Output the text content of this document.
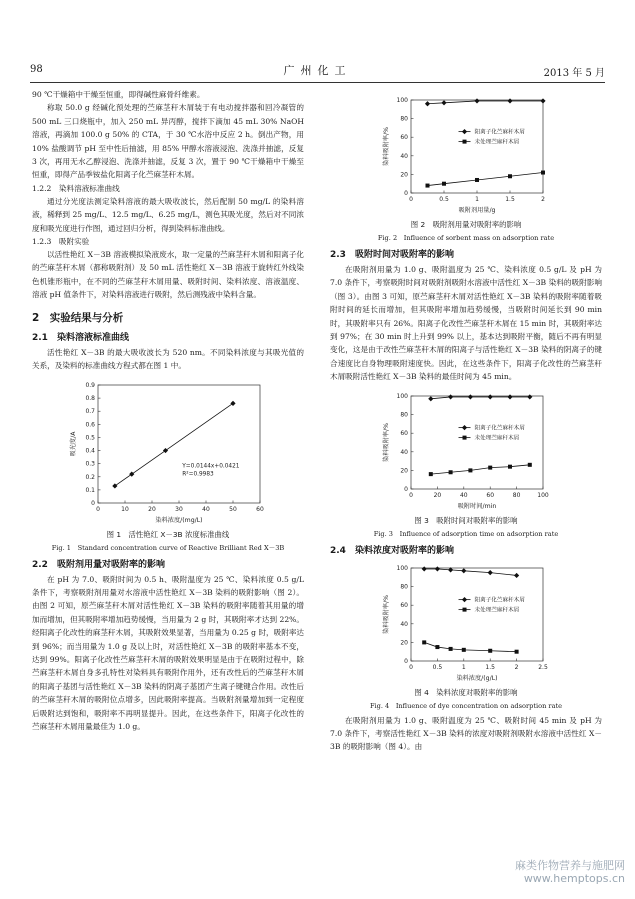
98	广州化工	2013 年 5 月

90 ℃干燥箱中干燥至恒重，即得碱性麻骨纤维素。

称取 50.0 g 经碱化预处理的苎麻茎秆木屑装于有电动搅拌器和回冷凝管的 500 mL 三口烧瓶中，加入 250 mL 异丙醇，搅拌下滴加 45 mL 30% NaOH 溶液，再滴加 100.0 g 50% 的 CTA，于 30 ℃水浴中反应 2 h。倒出产物，用 10% 盐酸调节 pH 至中性后抽滤，用 85% 甲醇水溶液浸泡、洗涤并抽滤，反复 3 次，再用无水乙醇浸泡、洗涤并抽滤，反复 3 次，置于 90 ℃干燥箱中干燥至恒重，即得产品季铵盐化阳离子化苎麻茎秆木屑。

1.2.2　染料溶液标准曲线

通过分光度法测定染料溶液的最大吸收波长，然后配制 50 mg/L 的染料溶液，稀释到 25 mg/L、12.5 mg/L、6.25 mg/L，测色其吸光度，然后对不同浓度和吸光度进行作图，通过回归分析，得到染料标准曲线。

1.2.3　吸附实验

以活性艳红 X－3B 溶液模拟染液废水，取一定量的苎麻茎秆木屑和阳离子化的苎麻茎秆木屑（都称吸附剂）及 50 mL 活性艳红 X－3B 溶液于旋转红外线染色机锥形瓶中，在不同的苎麻茎秆木屑用量、吸附时间、染料浓度、溶液温度、溶液 pH 值条件下，对染料溶液进行吸附，然后测残液中染料含量。

2　实验结果与分析
2.1　染料溶液标准曲线

活性艳红 X－3B 的最大吸收波长为 520 nm。不同染料浓度与其吸光值的关系，及染料的标准曲线方程式都在图 1 中。

0	10	20	30	40	50	60
0
0.1
0.2
0.3
0.4
0.5
0.6
0.7
0.8
0.9
染料浓度/(mg/L)
吸光度/A
Y=0.0144x+0.0421
R²=0.9983
图 1　活性艳红 X－3B 浓度标准曲线
Fig. 1　Standard concentration curve of Reactive Brilliant Red X－3B
2.2　吸附剂用量对吸附率的影响

在 pH 为 7.0、吸附时间为 0.5 h、吸附温度为 25 ℃、染料浓度 0.5 g/L 条件下，考察吸附剂用量对水溶液中活性艳红 X－3B 染料的吸附影响（图 2）。由图 2 可知，原苎麻茎秆木屑对活性艳红 X－3B 染料的吸附率随着其用量的增加而增加，但其吸附率增加趋势缓慢，当用量为 2 g 时，其吸附率才达到 22%。经阳离子化改性的麻茎秆木屑，其吸附效果显著，当用量为 0.25 g 时，吸附率达到 96%；而当用量为 1.0 g 及以上时，对活性艳红 X－3B 的吸附率基本不变，达到 99%。阳离子化改性苎麻茎秆木屑的吸附效果明显是由于在吸附过程中，除苎麻茎秆木屑自身多孔特性对染料具有吸附作用外，还有改性后的苎麻茎秆木屑的阳离子基团与活性艳红 X－3B 染料的阴离子基团产生离子键键合作用。改性后的苎麻茎秆木屑的吸附位点增多，因此吸附率提高。当吸附剂量增加到一定程度后吸附达到饱和，吸附率不再明显提升。因此，在这些条件下，阳离子化改性的苎麻茎秆木屑用量最佳为 1.0 g。

0	0.5	1	1.5	2
0
20
40
60
80
100
吸附剂用量/g
染料吸附率/%	阳离子化苎麻秆木屑
未处理苎麻秆木屑
图 2　吸附剂用量对吸附率的影响
Fig. 2　Influence of sorbent mass on adsorption rate
2.3　吸附时间对吸附率的影响

在吸附剂用量为 1.0 g、吸附温度为 25 ℃、染料浓度 0.5 g/L 及 pH 为 7.0 条件下，考察吸附时间对吸附剂吸附水溶液中活性红 X－3B 染料的吸附影响（图 3）。由图 3 可知，原苎麻茎秆木屑对活性艳红 X－3B 染料的吸附率随着吸附时间的延长而增加，但其吸附率增加趋势缓慢，当吸附时间延长到 90 min 时，其吸附率只有 26%。阳离子化改性苎麻茎秆木屑在 15 min 时，其吸附率达到 97%；在 30 min 时上升到 99% 以上，基本达到吸附平衡，随后不再有明显变化，这是由于改性苎麻茎秆木屑的阳离子与活性艳红 X－3B 染料的阴离子的键合速度比自身物理吸附速度快。因此，在这些条件下，阳离子化改性的苎麻茎秆木屑吸附活性艳红 X－3B 染料的最佳时间为 45 min。

0	20	40	60	80	100
0
20
40
60
80
100
吸附时间/min
染料吸附率/%	阳离子化苎麻秆木屑
未处理苎麻秆木屑
图 3　吸附时间对吸附率的影响
Fig. 3　Influence of adsorption time on adsorption rate
2.4　染料浓度对吸附率的影响
0	0.5	1	1.5	2	2.5
0
20
40
60
80
100
染料浓度/(g/L)
染料吸附率/%	阳离子化苎麻秆木屑
未处理苎麻秆木屑
图 4　染料浓度对吸附率的影响
Fig. 4　Influence of dye concentration on adsorption rate

在吸附剂用量为 1.0 g、吸附温度为 25 ℃、吸附时间 45 min 及 pH 为 7.0 条件下，考察活性艳红 X－3B 染料的浓度对吸附剂吸附水溶液中活性红 X－3B 的吸附影响（图 4）。由

麻类作物营养与施肥网
www.hemptops.cn
